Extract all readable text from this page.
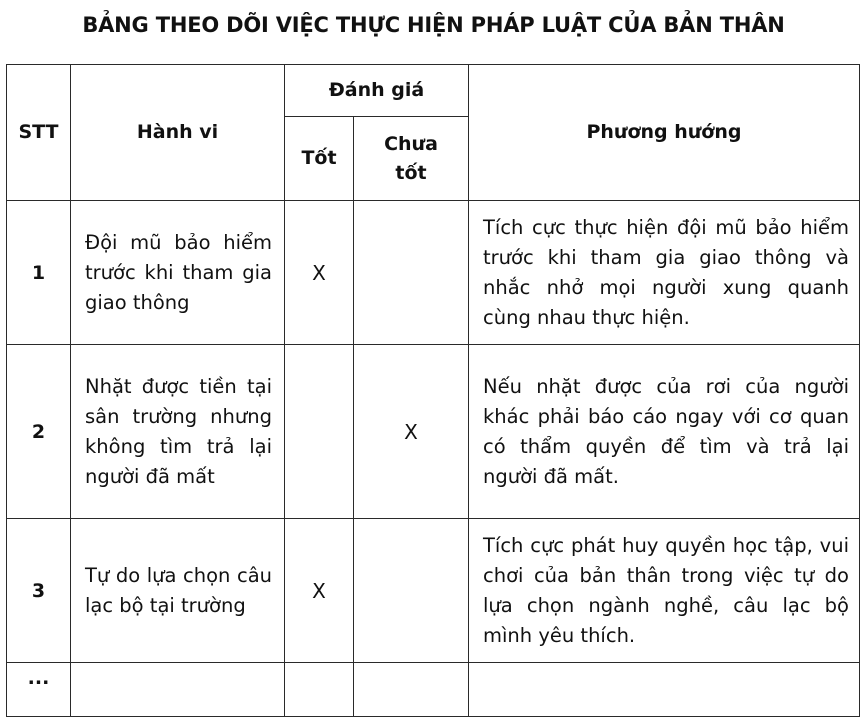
BẢNG THEO DÕI VIỆC THỰC HIỆN PHÁP LUẬT CỦA BẢN THÂN
STT	Hành vi	Đánh giá		Phương hướng
		Tốt	Chưa tốt	
1	Đội mũ bảo hiểm trước khi tham gia giao thông	X		Tích cực thực hiện đội mũ bảo hiểm trước khi tham gia giao thông và nhắc nhở mọi người xung quanh cùng nhau thực hiện.
2	Nhặt được tiền tại sân trường nhưng không tìm trả lại người đã mất		X	Nếu nhặt được của rơi của người khác phải báo cáo ngay với cơ quan có thẩm quyền để tìm và trả lại người đã mất.
3	Tự do lựa chọn câu lạc bộ tại trường	X		Tích cực phát huy quyền học tập, vui chơi của bản thân trong việc tự do lựa chọn ngành nghề, câu lạc bộ mình yêu thích.
...				
